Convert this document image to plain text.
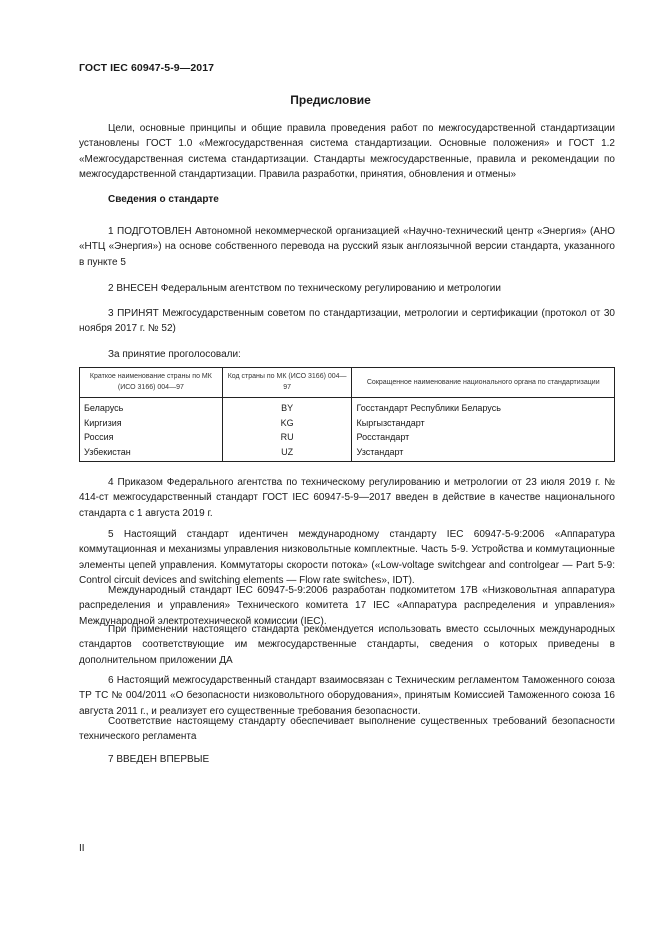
ГОСТ IEC 60947-5-9—2017
Предисловие

Цели, основные принципы и общие правила проведения работ по межгосударственной стандартизации установлены ГОСТ 1.0 «Межгосударственная система стандартизации. Основные положения» и ГОСТ 1.2 «Межгосударственная система стандартизации. Стандарты межгосударственные, правила и рекомендации по межгосударственной стандартизации. Правила разработки, принятия, обновления и отмены»

Сведения о стандарте

1 ПОДГОТОВЛЕН Автономной некоммерческой организацией «Научно-технический центр «Энергия» (АНО «НТЦ «Энергия») на основе собственного перевода на русский язык англоязычной версии стандарта, указанного в пункте 5

2 ВНЕСЕН Федеральным агентством по техническому регулированию и метрологии

3 ПРИНЯТ Межгосударственным советом по стандартизации, метрологии и сертификации (протокол от 30 ноября 2017 г. № 52)

За принятие проголосовали:
Краткое наименование страны по МК (ИСО 3166) 004—97	Код страны по МК (ИСО 3166) 004—97	Сокращенное наименование национального органа по стандартизации
Беларусь	BY	Госстандарт Республики Беларусь
Киргизия	KG	Кыргызстандарт
Россия	RU	Росстандарт
Узбекистан	UZ	Узстандарт

4 Приказом Федерального агентства по техническому регулированию и метрологии от 23 июля 2019 г. № 414-ст межгосударственный стандарт ГОСТ IEC 60947-5-9—2017 введен в действие в качестве национального стандарта с 1 августа 2019 г.

5 Настоящий стандарт идентичен международному стандарту IEC 60947-5-9:2006 «Аппаратура коммутационная и механизмы управления низковольтные комплектные. Часть 5-9. Устройства и коммутационные элементы цепей управления. Коммутаторы скорости потока» («Low-voltage switchgear and controlgear — Part 5-9: Control circuit devices and switching elements — Flow rate switches», IDT).

Международный стандарт IEC 60947-5-9:2006 разработан подкомитетом 17В «Низковольтная аппаратура распределения и управления» Технического комитета 17 IEC «Аппаратура распределения и управления» Международной электротехнической комиссии (IEC).

При применении настоящего стандарта рекомендуется использовать вместо ссылочных международных стандартов соответствующие им межгосударственные стандарты, сведения о которых приведены в дополнительном приложении ДА

6 Настоящий межгосударственный стандарт взаимосвязан с Техническим регламентом Таможенного союза ТР ТС № 004/2011 «О безопасности низковольтного оборудования», принятым Комиссией Таможенного союза 16 августа 2011 г., и реализует его существенные требования безопасности.

Соответствие настоящему стандарту обеспечивает выполнение существенных требований безопасности технического регламента

7 ВВЕДЕН ВПЕРВЫЕ

II
